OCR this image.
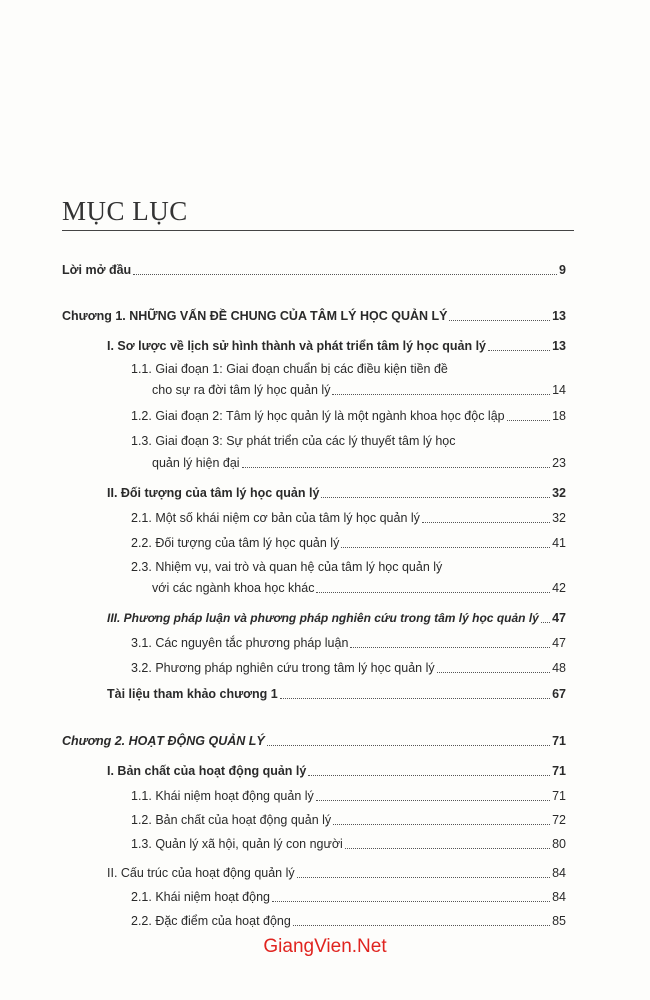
MỤC LỤC
Lời mở đầu	9
Chương 1. NHỮNG VẤN ĐỀ CHUNG CỦA TÂM LÝ HỌC QUẢN LÝ	13
I. Sơ lược về lịch sử hình thành và phát triển tâm lý học quản lý	13
1.1. Giai đoạn 1: Giai đoạn chuẩn bị các điều kiện tiền đề
cho sự ra đời tâm lý học quản lý	14
1.2. Giai đoạn 2: Tâm lý học quản lý là một ngành khoa học độc lập	18
1.3. Giai đoạn 3: Sự phát triển của các lý thuyết tâm lý học
quản lý hiện đại	23
II. Đối tượng của tâm lý học quản lý	32
2.1. Một số khái niệm cơ bản của tâm lý học quản lý	32
2.2. Đối tượng của tâm lý học quản lý	41
2.3. Nhiệm vụ, vai trò và quan hệ của tâm lý học quản lý
với các ngành khoa học khác	42
III. Phương pháp luận và phương pháp nghiên cứu trong tâm lý học quản lý 47
3.1. Các nguyên tắc phương pháp luận	47
3.2. Phương pháp nghiên cứu trong tâm lý học quản lý	48
Tài liệu tham khảo chương 1	67
Chương 2. HOẠT ĐỘNG QUẢN LÝ	71
I. Bản chất của hoạt động quản lý	71
1.1. Khái niệm hoạt động quản lý	71
1.2. Bản chất của hoạt động quản lý	72
1.3. Quản lý xã hội, quản lý con người	80
II. Cấu trúc của hoạt động quản lý	84
2.1. Khái niệm hoạt động	84
2.2. Đặc điểm của hoạt động	85
GiangVien.Net
